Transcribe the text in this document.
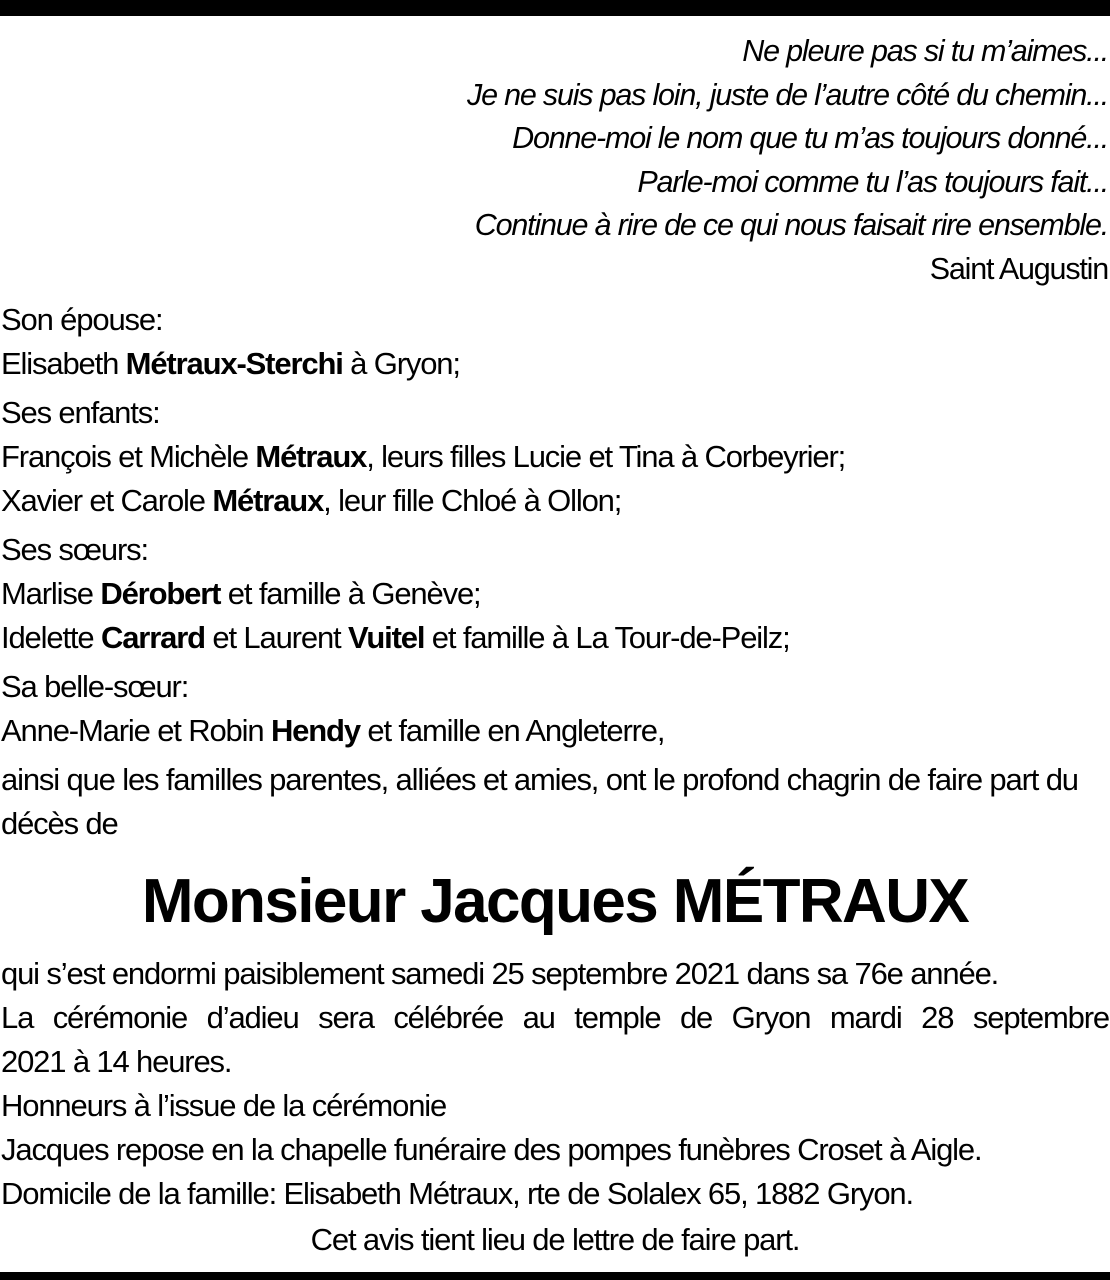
Ne pleure pas si tu m’aimes...
Je ne suis pas loin, juste de l’autre côté du chemin...
Donne-moi le nom que tu m’as toujours donné...
Parle-moi comme tu l’as toujours fait...
Continue à rire de ce qui nous faisait rire ensemble.
Saint Augustin
Son épouse:
Elisabeth Métraux-Sterchi à Gryon;
Ses enfants:
François et Michèle Métraux, leurs filles Lucie et Tina à Corbeyrier;
Xavier et Carole Métraux, leur fille Chloé à Ollon;
Ses sœurs:
Marlise Dérobert et famille à Genève;
Idelette Carrard et Laurent Vuitel et famille à La Tour-de-Peilz;
Sa belle-sœur:
Anne-Marie et Robin Hendy et famille en Angleterre,
ainsi que les familles parentes, alliées et amies, ont le profond chagrin de faire part du décès de
Monsieur Jacques MÉTRAUX
qui s’est endormi paisiblement samedi 25 septembre 2021 dans sa 76e année.
La cérémonie d’adieu sera célébrée au temple de Gryon mardi 28 septembre
2021 à 14 heures.
Honneurs à l’issue de la cérémonie
Jacques repose en la chapelle funéraire des pompes funèbres Croset à Aigle.
Domicile de la famille: Elisabeth Métraux, rte de Solalex 65, 1882 Gryon.
Cet avis tient lieu de lettre de faire part.
